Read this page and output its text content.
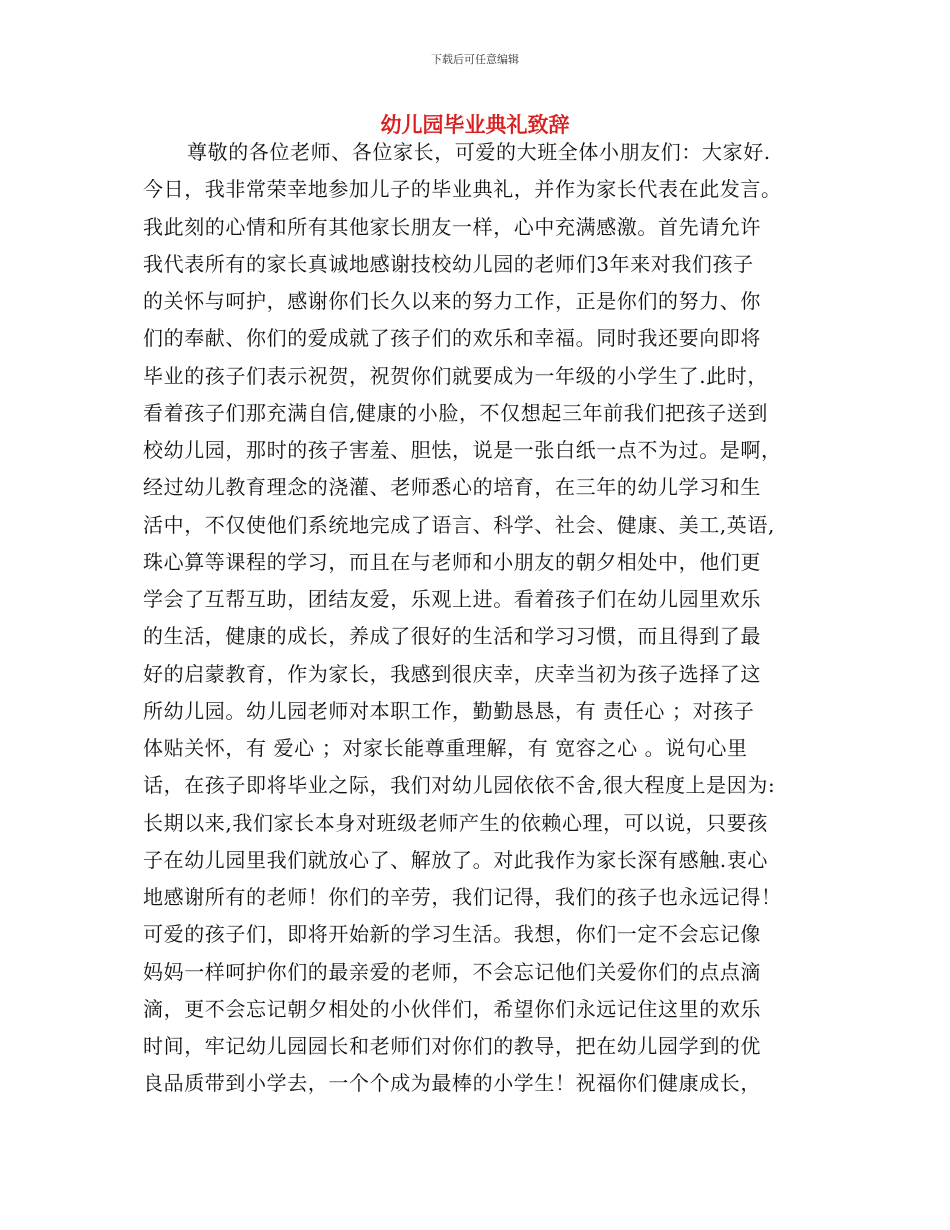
下载后可任意编辑
幼儿园毕业典礼致辞
尊敬的各位老师、各位家长，可爱的大班全体小朋友们：大家好.
今日，我非常荣幸地参加儿子的毕业典礼，并作为家长代表在此发言。
我此刻的心情和所有其他家长朋友一样，心中充满感激。首先请允许
我代表所有的家长真诚地感谢技校幼儿园的老师们3年来对我们孩子
的关怀与呵护，感谢你们长久以来的努力工作，正是你们的努力、你
们的奉献、你们的爱成就了孩子们的欢乐和幸福。同时我还要向即将
毕业的孩子们表示祝贺，祝贺你们就要成为一年级的小学生了.此时，
看着孩子们那充满自信,健康的小脸，不仅想起三年前我们把孩子送到
校幼儿园，那时的孩子害羞、胆怯，说是一张白纸一点不为过。是啊，
经过幼儿教育理念的浇灌、老师悉心的培育，在三年的幼儿学习和生
活中，不仅使他们系统地完成了语言、科学、社会、健康、美工,英语,
珠心算等课程的学习，而且在与老师和小朋友的朝夕相处中，他们更
学会了互帮互助，团结友爱，乐观上进。看着孩子们在幼儿园里欢乐
的生活，健康的成长，养成了很好的生活和学习习惯，而且得到了最
好的启蒙教育，作为家长，我感到很庆幸，庆幸当初为孩子选择了这
所幼儿园。幼儿园老师对本职工作，勤勤恳恳，有 责任心 ；对孩子
体贴关怀，有 爱心 ；对家长能尊重理解，有 宽容之心 。说句心里
话，在孩子即将毕业之际，我们对幼儿园依依不舍,很大程度上是因为:
长期以来,我们家长本身对班级老师产生的依赖心理，可以说，只要孩
子在幼儿园里我们就放心了、解放了。对此我作为家长深有感触.衷心
地感谢所有的老师！你们的辛劳，我们记得，我们的孩子也永远记得！
可爱的孩子们，即将开始新的学习生活。我想，你们一定不会忘记像
妈妈一样呵护你们的最亲爱的老师，不会忘记他们关爱你们的点点滴
滴，更不会忘记朝夕相处的小伙伴们，希望你们永远记住这里的欢乐
时间，牢记幼儿园园长和老师们对你们的教导，把在幼儿园学到的优
良品质带到小学去，一个个成为最棒的小学生！祝福你们健康成长，
